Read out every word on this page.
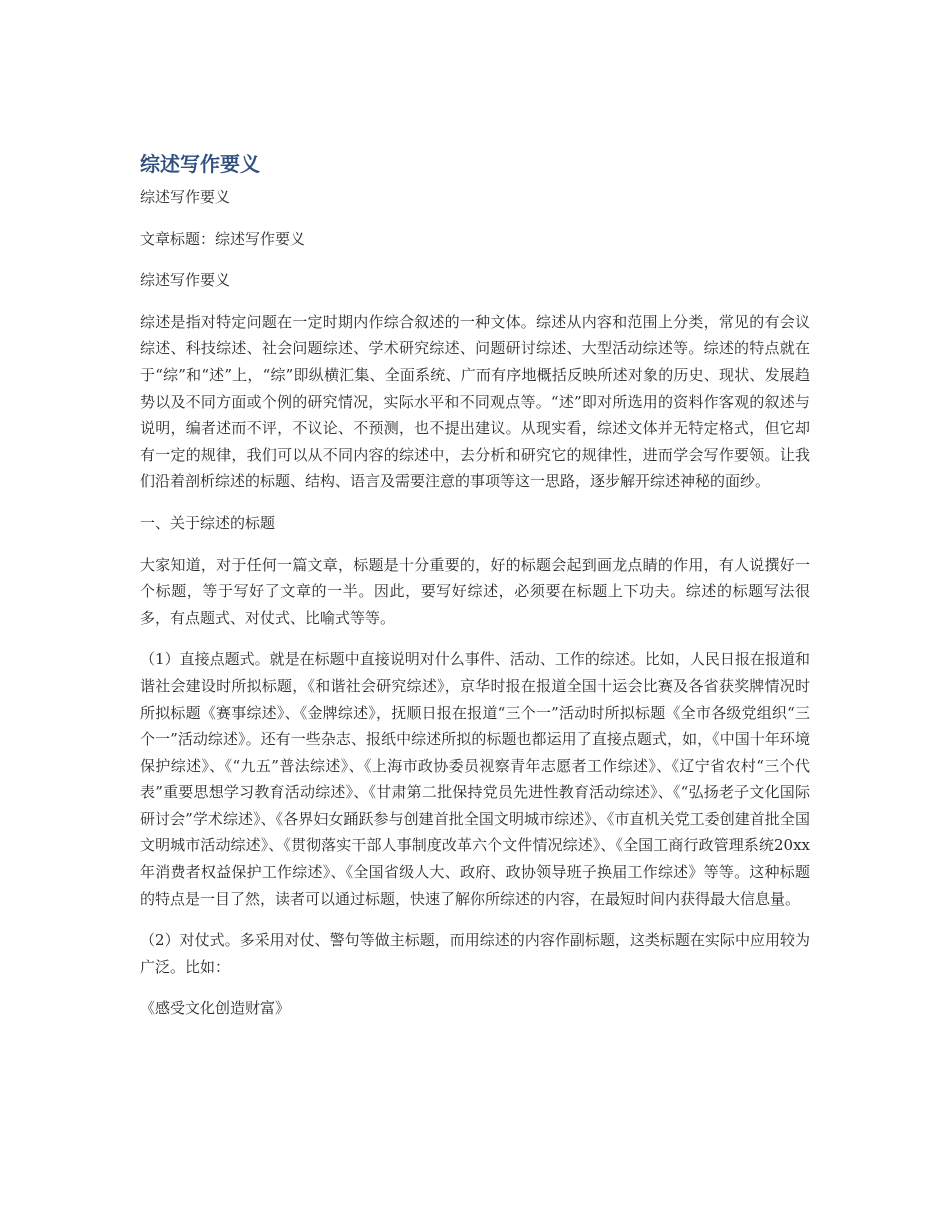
综述写作要义

综述写作要义

文章标题：综述写作要义

综述写作要义

综述是指对特定问题在一定时期内作综合叙述的一种文体。综述从内容和范围上分类，常见的有会议综述、科技综述、社会问题综述、学术研究综述、问题研讨综述、大型活动综述等。综述的特点就在于“综”和“述”上，“综”即纵横汇集、全面系统、广而有序地概括反映所述对象的历史、现状、发展趋势以及不同方面或个例的研究情况，实际水平和不同观点等。“述”即对所选用的资料作客观的叙述与说明，编者述而不评，不议论、不预测，也不提出建议。从现实看，综述文体并无特定格式，但它却有一定的规律，我们可以从不同内容的综述中，去分析和研究它的规律性，进而学会写作要领。让我们沿着剖析综述的标题、结构、语言及需要注意的事项等这一思路，逐步解开综述神秘的面纱。

一、关于综述的标题

大家知道，对于任何一篇文章，标题是十分重要的，好的标题会起到画龙点睛的作用，有人说撰好一个标题，等于写好了文章的一半。因此，要写好综述，必须要在标题上下功夫。综述的标题写法很多，有点题式、对仗式、比喻式等等。

（1）直接点题式。就是在标题中直接说明对什么事件、活动、工作的综述。比如，人民日报在报道和谐社会建设时所拟标题，《和谐社会研究综述》，京华时报在报道全国十运会比赛及各省获奖牌情况时所拟标题《赛事综述》、《金牌综述》，抚顺日报在报道“三个一”活动时所拟标题《全市各级党组织“三个一”活动综述》。还有一些杂志、报纸中综述所拟的标题也都运用了直接点题式，如，《中国十年环境保护综述》、《“九五”普法综述》、《上海市政协委员视察青年志愿者工作综述》、《辽宁省农村“三个代表”重要思想学习教育活动综述》、《甘肃第二批保持党员先进性教育活动综述》、《“弘扬老子文化国际研讨会”学术综述》、《各界妇女踊跃参与创建首批全国文明城市综述》、《市直机关党工委创建首批全国文明城市活动综述》、《贯彻落实干部人事制度改革六个文件情况综述》、《全国工商行政管理系统20xx年消费者权益保护工作综述》、《全国省级人大、政府、政协领导班子换届工作综述》等等。这种标题的特点是一目了然，读者可以通过标题，快速了解你所综述的内容，在最短时间内获得最大信息量。

（2）对仗式。多采用对仗、警句等做主标题，而用综述的内容作副标题，这类标题在实际中应用较为广泛。比如：

《感受文化创造财富》
